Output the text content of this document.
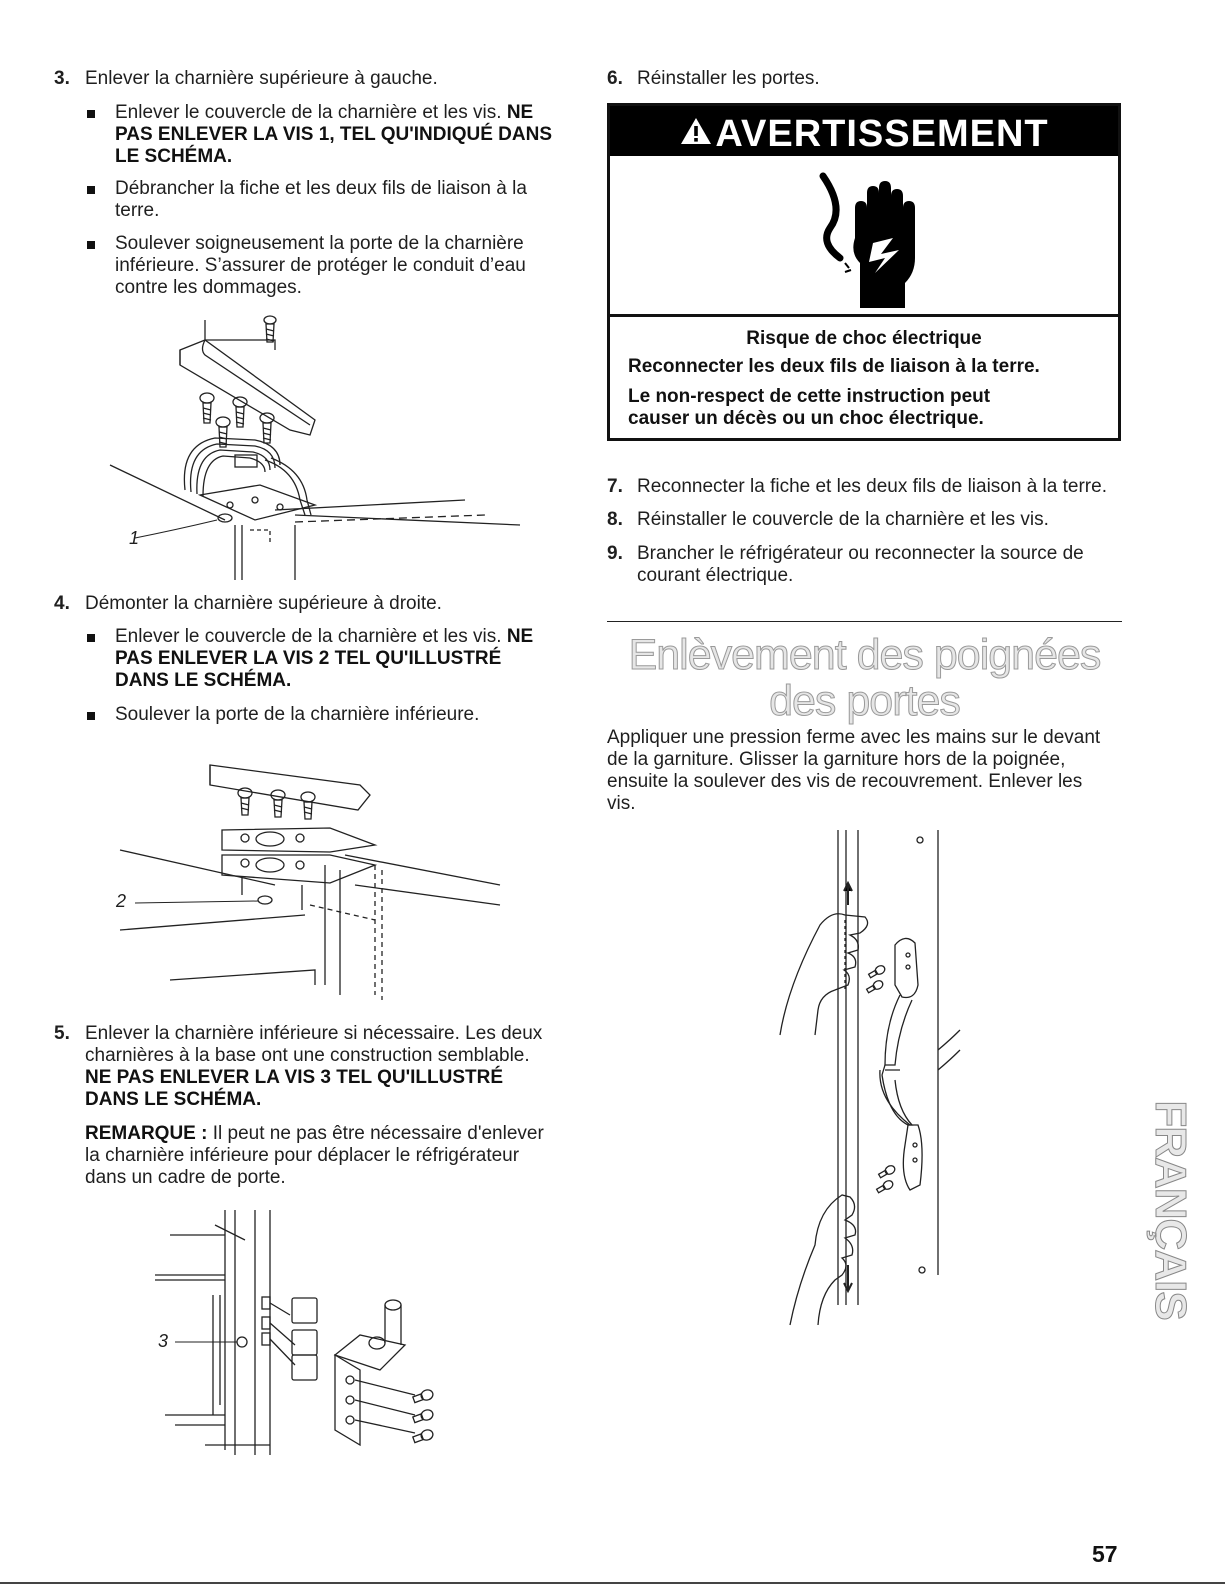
3. Enlever la charnière supérieure à gauche.
Enlever le couvercle de la charnière et les vis. NE
PAS ENLEVER LA VIS 1, TEL QU'INDIQUÉ DANS
LE SCHÉMA.
Débrancher la fiche et les deux fils de liaison à la
terre.
Soulever soigneusement la porte de la charnière
inférieure. S’assurer de protéger le conduit d’eau
contre les dommages.
1
4. Démonter la charnière supérieure à droite.
Enlever le couvercle de la charnière et les vis. NE
PAS ENLEVER LA VIS 2 TEL QU'ILLUSTRÉ
DANS LE SCHÉMA.
Soulever la porte de la charnière inférieure.
2
5. Enlever la charnière inférieure si nécessaire. Les deux
charnières à la base ont une construction semblable.
NE PAS ENLEVER LA VIS 3 TEL QU'ILLUSTRÉ
DANS LE SCHÉMA.
REMARQUE : Il peut ne pas être nécessaire d'enlever
la charnière inférieure pour déplacer le réfrigérateur
dans un cadre de porte.
3
6. Réinstaller les portes.
AVERTISSEMENT
Risque de choc électrique
Reconnecter les deux fils de liaison à la terre.
Le non-respect de cette instruction peut
causer un décès ou un choc électrique.
7. Reconnecter la fiche et les deux fils de liaison à la terre.
8. Réinstaller le couvercle de la charnière et les vis.
9. Brancher le réfrigérateur ou reconnecter la source de
courant électrique.
Enlèvement des poignées
des portes
Appliquer une pression ferme avec les mains sur le devant
de la garniture. Glisser la garniture hors de la poignée,
ensuite la soulever des vis de recouvrement. Enlever les
vis.
FRANÇAIS
57
